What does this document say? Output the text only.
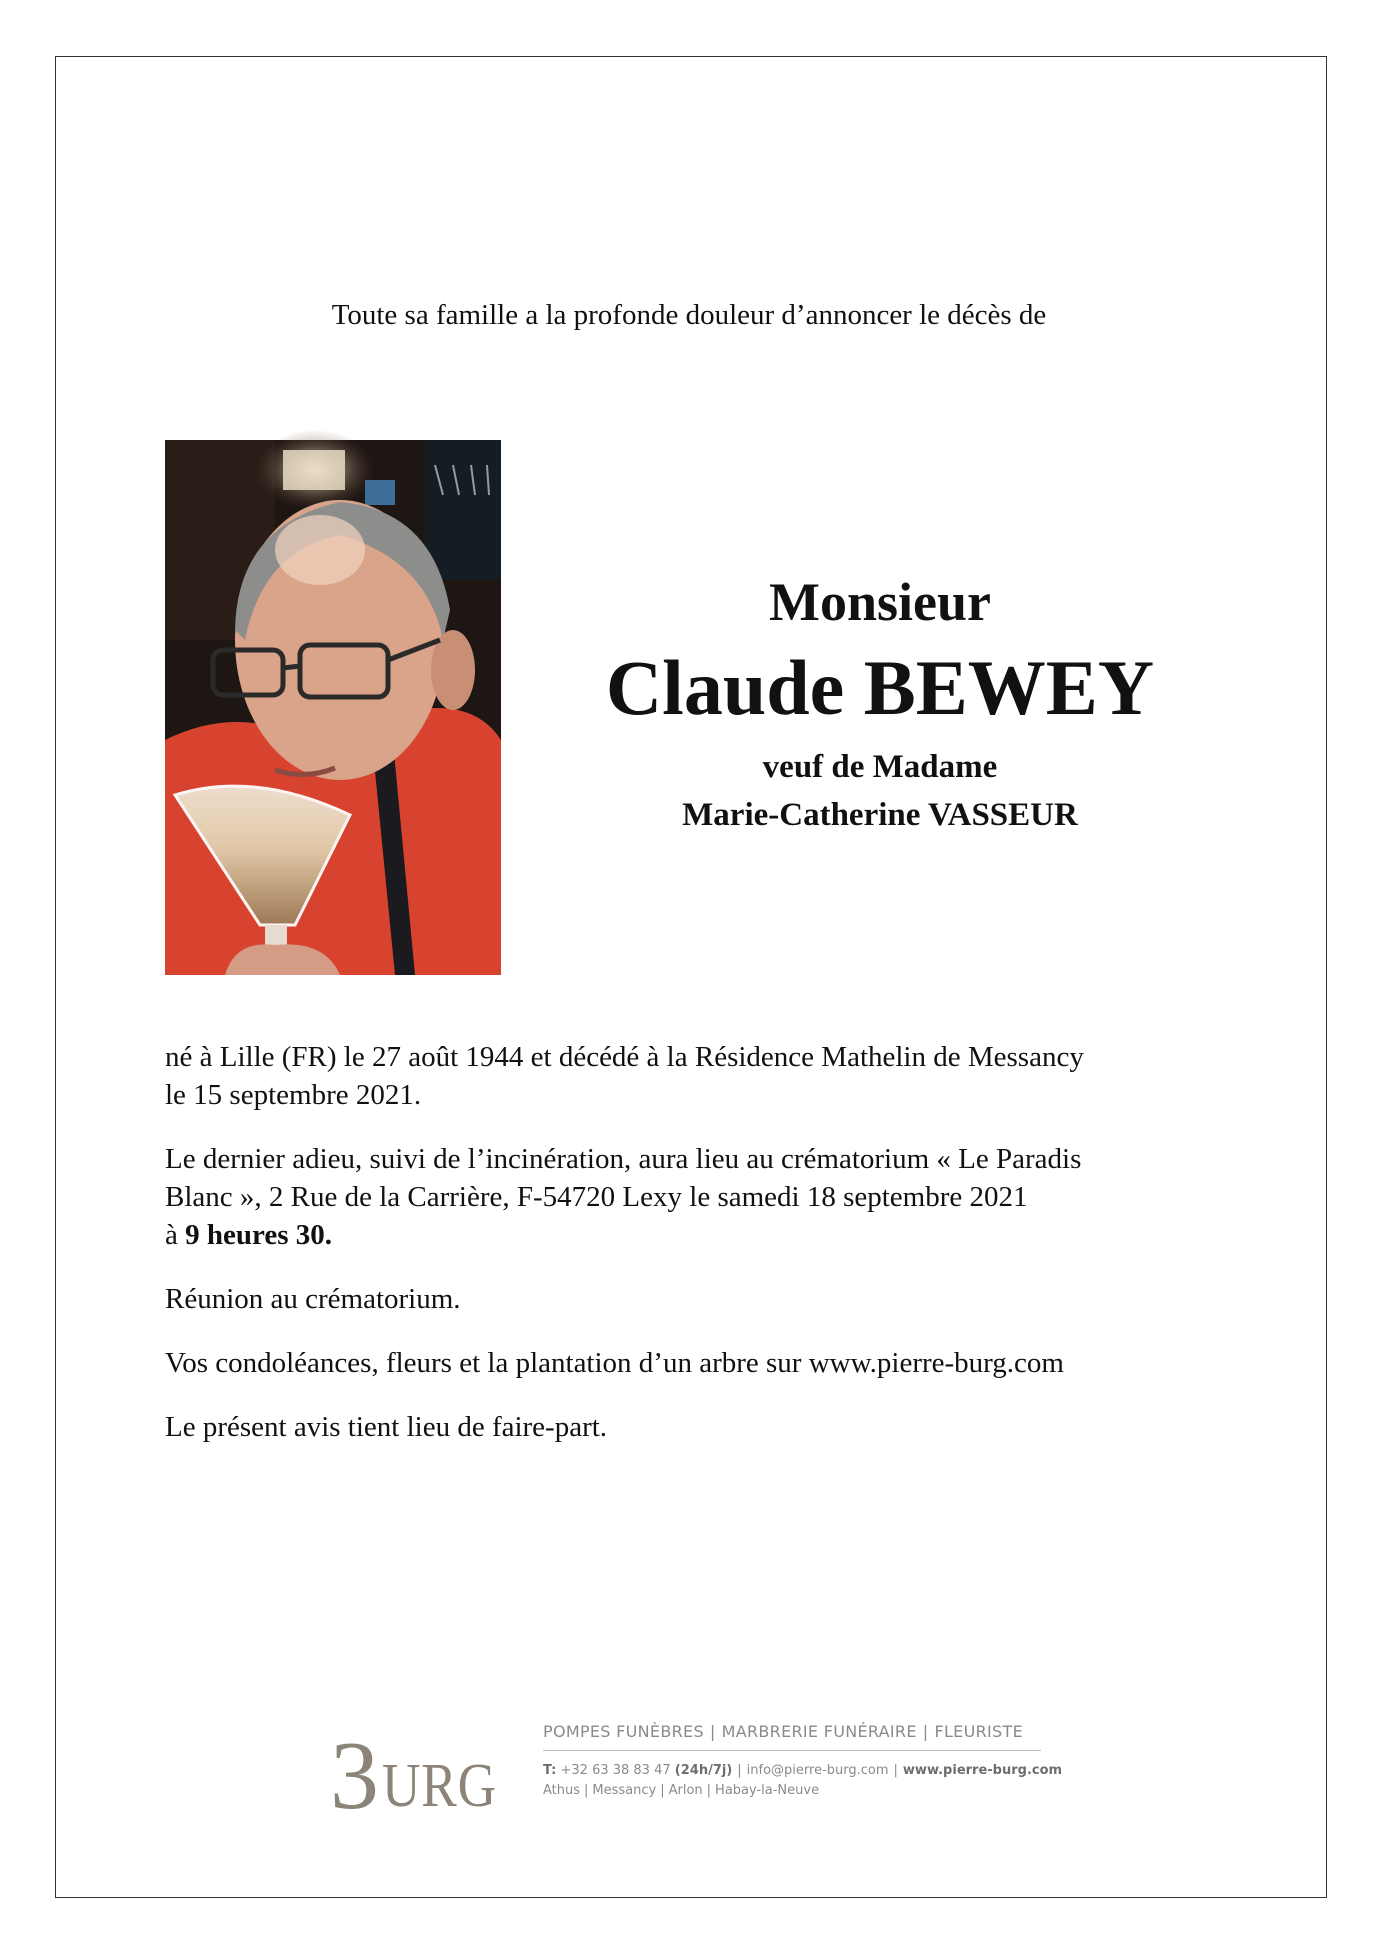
Toute sa famille a la profonde douleur d’annoncer le décès de
Monsieur
Claude BEWEY
veuf de Madame
Marie-Catherine VASSEUR

né à Lille (FR) le 27 août 1944 et décédé à la Résidence Mathelin de Messancy
le 15 septembre 2021.

Le dernier adieu, suivi de l’incinération, aura lieu au crématorium « Le Paradis
Blanc », 2 Rue de la Carrière, F-54720 Lexy le samedi 18 septembre 2021
à 9 heures 30.

Réunion au crématorium.

Vos condoléances, fleurs et la plantation d’un arbre sur www.pierre-burg.com

Le présent avis tient lieu de faire-part.

3 URG
POMPES FUNÈBRES | MARBRERIE FUNÉRAIRE | FLEURISTE
T: +32 63 38 83 47 (24h/7j) | info@pierre-burg.com | www.pierre-burg.com
Athus | Messancy | Arlon | Habay-la-Neuve
